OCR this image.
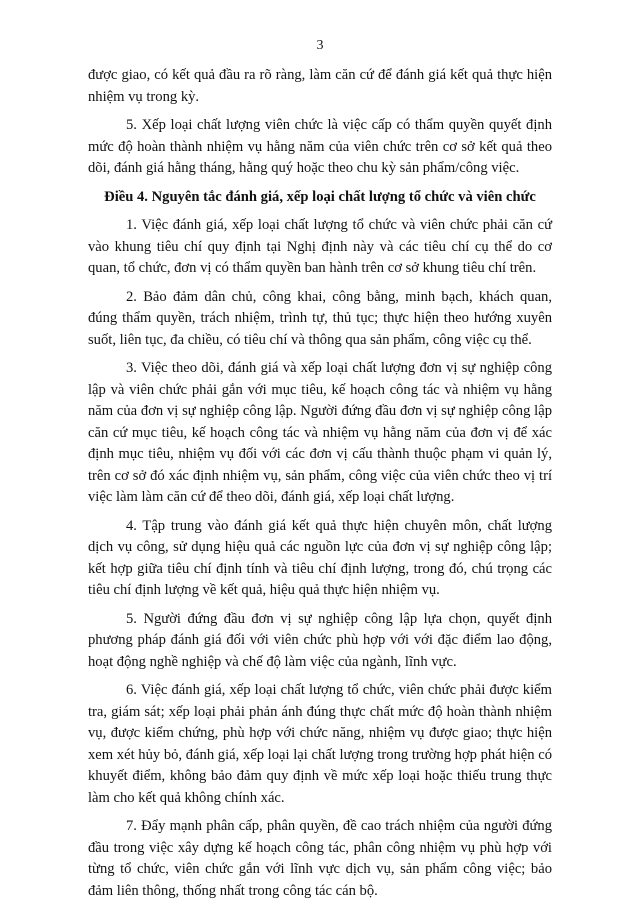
3

được giao, có kết quả đầu ra rõ ràng, làm căn cứ để đánh giá kết quả thực hiện nhiệm vụ trong kỳ.

5. Xếp loại chất lượng viên chức là việc cấp có thẩm quyền quyết định mức độ hoàn thành nhiệm vụ hằng năm của viên chức trên cơ sở kết quả theo dõi, đánh giá hằng tháng, hằng quý hoặc theo chu kỳ sản phẩm/công việc.

Điều 4. Nguyên tắc đánh giá, xếp loại chất lượng tổ chức và viên chức

1. Việc đánh giá, xếp loại chất lượng tổ chức và viên chức phải căn cứ vào khung tiêu chí quy định tại Nghị định này và các tiêu chí cụ thể do cơ quan, tổ chức, đơn vị có thẩm quyền ban hành trên cơ sở khung tiêu chí trên.

2. Bảo đảm dân chủ, công khai, công bằng, minh bạch, khách quan, đúng thẩm quyền, trách nhiệm, trình tự, thủ tục; thực hiện theo hướng xuyên suốt, liên tục, đa chiều, có tiêu chí và thông qua sản phẩm, công việc cụ thể.

3. Việc theo dõi, đánh giá và xếp loại chất lượng đơn vị sự nghiệp công lập và viên chức phải gắn với mục tiêu, kế hoạch công tác và nhiệm vụ hằng năm của đơn vị sự nghiệp công lập. Người đứng đầu đơn vị sự nghiệp công lập căn cứ mục tiêu, kế hoạch công tác và nhiệm vụ hằng năm của đơn vị để xác định mục tiêu, nhiệm vụ đối với các đơn vị cấu thành thuộc phạm vi quản lý, trên cơ sở đó xác định nhiệm vụ, sản phẩm, công việc của viên chức theo vị trí việc làm làm căn cứ để theo dõi, đánh giá, xếp loại chất lượng.

4. Tập trung vào đánh giá kết quả thực hiện chuyên môn, chất lượng dịch vụ công, sử dụng hiệu quả các nguồn lực của đơn vị sự nghiệp công lập; kết hợp giữa tiêu chí định tính và tiêu chí định lượng, trong đó, chú trọng các tiêu chí định lượng về kết quả, hiệu quả thực hiện nhiệm vụ.

5. Người đứng đầu đơn vị sự nghiệp công lập lựa chọn, quyết định phương pháp đánh giá đối với viên chức phù hợp với với đặc điểm lao động, hoạt động nghề nghiệp và chế độ làm việc của ngành, lĩnh vực.

6. Việc đánh giá, xếp loại chất lượng tổ chức, viên chức phải được kiểm tra, giám sát; xếp loại phải phản ánh đúng thực chất mức độ hoàn thành nhiệm vụ, được kiểm chứng, phù hợp với chức năng, nhiệm vụ được giao; thực hiện xem xét hủy bỏ, đánh giá, xếp loại lại chất lượng trong trường hợp phát hiện có khuyết điểm, không bảo đảm quy định về mức xếp loại hoặc thiếu trung thực làm cho kết quả không chính xác.

7. Đẩy mạnh phân cấp, phân quyền, đề cao trách nhiệm của người đứng đầu trong việc xây dựng kế hoạch công tác, phân công nhiệm vụ phù hợp với từng tổ chức, viên chức gắn với lĩnh vực dịch vụ, sản phẩm công việc; bảo đảm liên thông, thống nhất trong công tác cán bộ.
